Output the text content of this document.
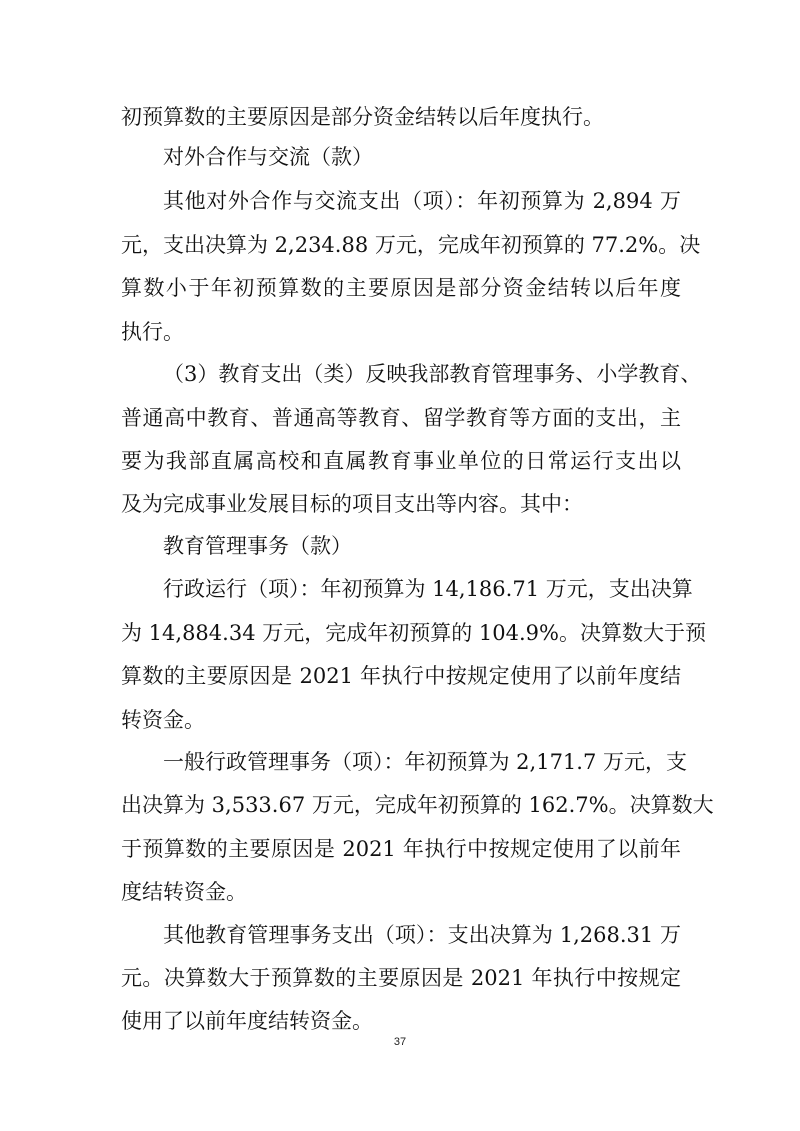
初预算数的主要原因是部分资金结转以后年度执行。
对外合作与交流（款）
其他对外合作与交流支出（项）：年初预算为 2,894 万
元，支出决算为 2,234.88 万元，完成年初预算的 77.2%。决
算数小于年初预算数的主要原因是部分资金结转以后年度
执行。
（3）教育支出（类）反映我部教育管理事务、小学教育、
普通高中教育、普通高等教育、留学教育等方面的支出，主
要为我部直属高校和直属教育事业单位的日常运行支出以
及为完成事业发展目标的项目支出等内容。其中：
教育管理事务（款）
行政运行（项）：年初预算为 14,186.71 万元，支出决算
为 14,884.34 万元，完成年初预算的 104.9%。决算数大于预
算数的主要原因是 2021 年执行中按规定使用了以前年度结
转资金。
一般行政管理事务（项）：年初预算为 2,171.7 万元，支
出决算为 3,533.67 万元，完成年初预算的 162.7%。决算数大
于预算数的主要原因是 2021 年执行中按规定使用了以前年
度结转资金。
其他教育管理事务支出（项）：支出决算为 1,268.31 万
元。决算数大于预算数的主要原因是 2021 年执行中按规定
使用了以前年度结转资金。
37
